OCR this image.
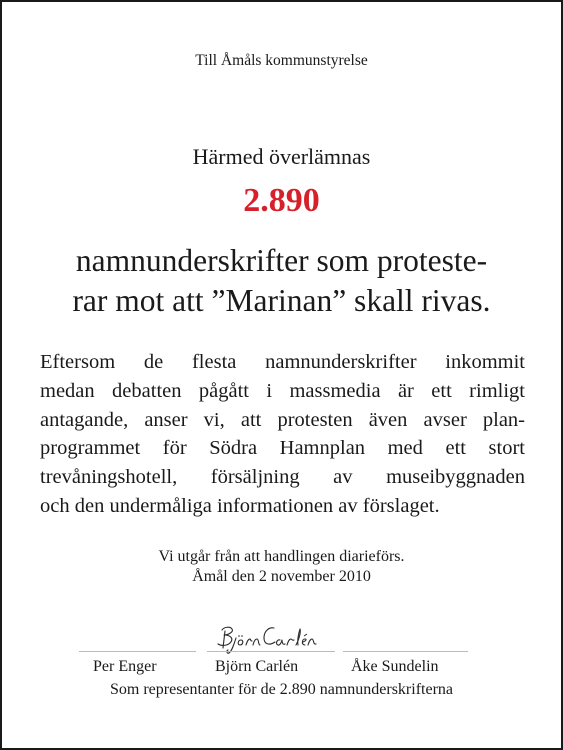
Till Åmåls kommunstyrelse
Härmed överlämnas
2.890
namnunderskrifter som proteste-
rar mot att ”Marinan” skall rivas.
Eftersom de flesta namnunderskrifter inkommit
medan debatten pågått i massmedia är ett rimligt
antagande, anser vi, att protesten även avser plan-
programmet för Södra Hamnplan med ett stort
trevåningshotell, försäljning av museibyggnaden
och den undermåliga informationen av förslaget.
Vi utgår från att handlingen diarieförs.
Åmål den 2 november 2010
Per Enger	Björn Carlén	Åke Sundelin
Som representanter för de 2.890 namnunderskrifterna
